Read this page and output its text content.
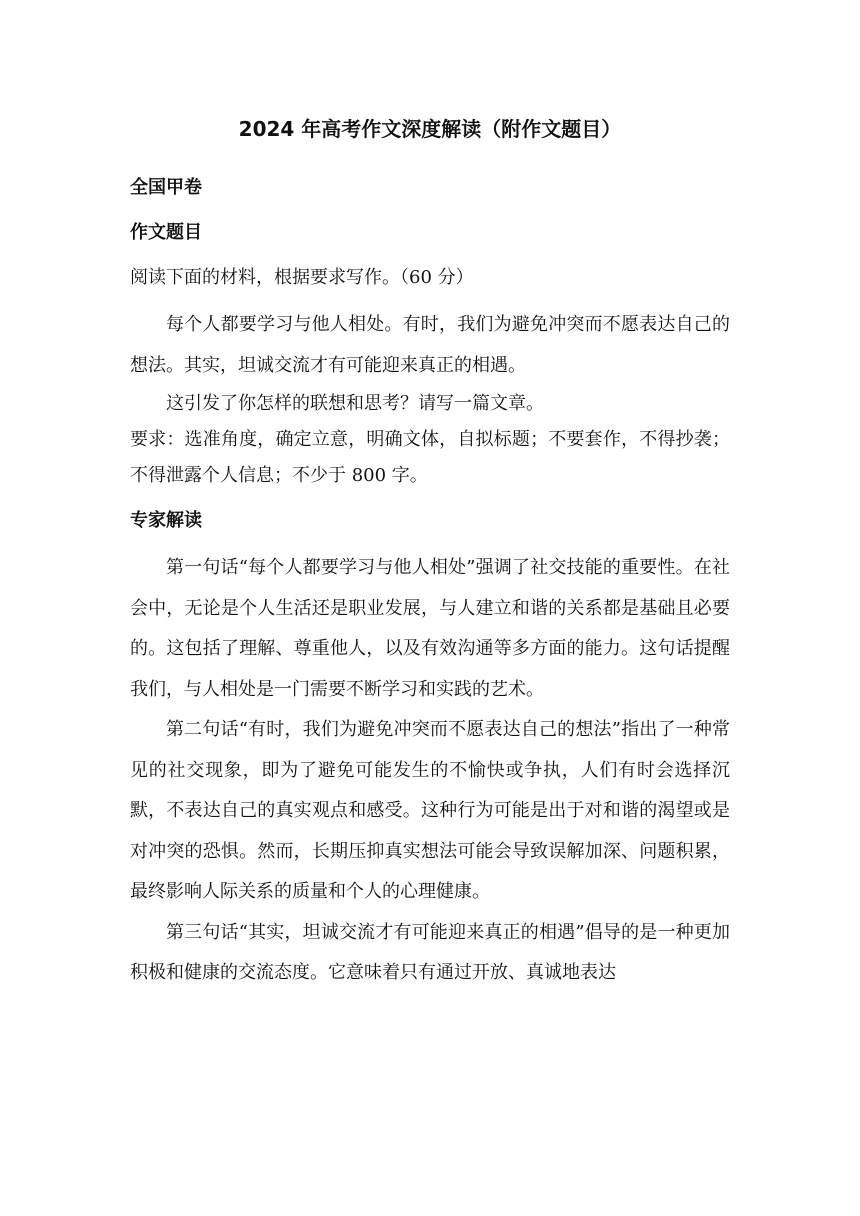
2024 年高考作文深度解读（附作文题目）

全国甲卷

作文题目

阅读下面的材料，根据要求写作。（60 分）

每个人都要学习与他人相处。有时，我们为避免冲突而不愿表达自己的想法。其实，坦诚交流才有可能迎来真正的相遇。

这引发了你怎样的联想和思考？请写一篇文章。

要求：选准角度，确定立意，明确文体，自拟标题；不要套作，不得抄袭；不得泄露个人信息；不少于 800 字。

专家解读

第一句话“每个人都要学习与他人相处”强调了社交技能的重要性。在社会中，无论是个人生活还是职业发展，与人建立和谐的关系都是基础且必要的。这包括了理解、尊重他人，以及有效沟通等多方面的能力。这句话提醒我们，与人相处是一门需要不断学习和实践的艺术。

第二句话“有时，我们为避免冲突而不愿表达自己的想法”指出了一种常见的社交现象，即为了避免可能发生的不愉快或争执，人们有时会选择沉默，不表达自己的真实观点和感受。这种行为可能是出于对和谐的渴望或是对冲突的恐惧。然而，长期压抑真实想法可能会导致误解加深、问题积累，最终影响人际关系的质量和个人的心理健康。

第三句话“其实，坦诚交流才有可能迎来真正的相遇”倡导的是一种更加积极和健康的交流态度。它意味着只有通过开放、真诚地表达
